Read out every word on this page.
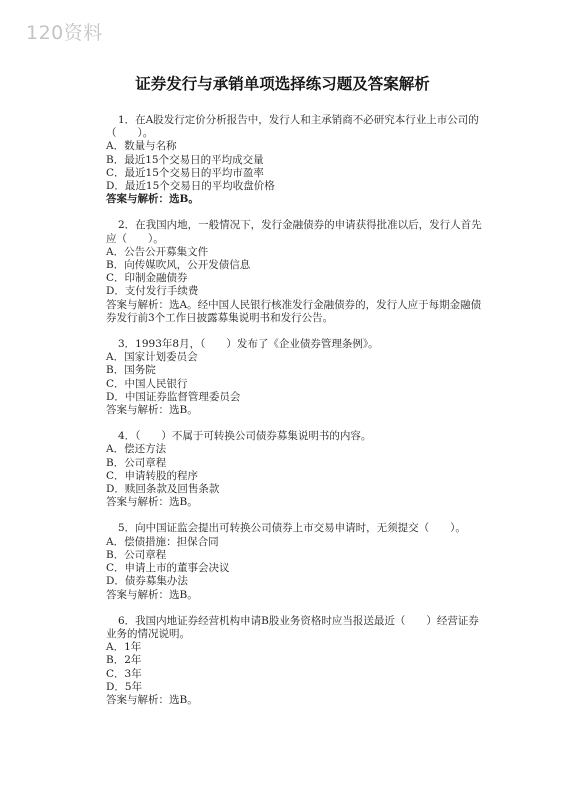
120资料
证券发行与承销单项选择练习题及答案解析
1．在A股发行定价分析报告中，发行人和主承销商不必研究本行业上市公司的（　　）。
A．数量与名称
B．最近15个交易日的平均成交量
C．最近15个交易日的平均市盈率
D．最近15个交易日的平均收盘价格
答案与解析：选B。
2．在我国内地，一般情况下，发行金融债券的申请获得批准以后，发行人首先应（　　）。
A．公告公开募集文件
B．向传媒吹风，公开发债信息
C．印制金融债券
D．支付发行手续费
答案与解析：选A。经中国人民银行核准发行金融债券的，发行人应于每期金融债券发行前3个工作日披露募集说明书和发行公告。
3．1993年8月，（　　）发布了《企业债券管理条例》。
A．国家计划委员会
B．国务院
C．中国人民银行
D．中国证券监督管理委员会
答案与解析：选B。
4．（　　）不属于可转换公司债券募集说明书的内容。
A．偿还方法
B．公司章程
C．申请转股的程序
D．赎回条款及回售条款
答案与解析：选B。
5．向中国证监会提出可转换公司债券上市交易申请时，无须提交（　　）。
A．偿债措施：担保合同
B．公司章程
C．申请上市的董事会决议
D．债券募集办法
答案与解析：选B。
6．我国内地证券经营机构申请B股业务资格时应当报送最近（　　）经营证券业务的情况说明。
A．1年
B．2年
C．3年
D．5年
答案与解析：选B。
